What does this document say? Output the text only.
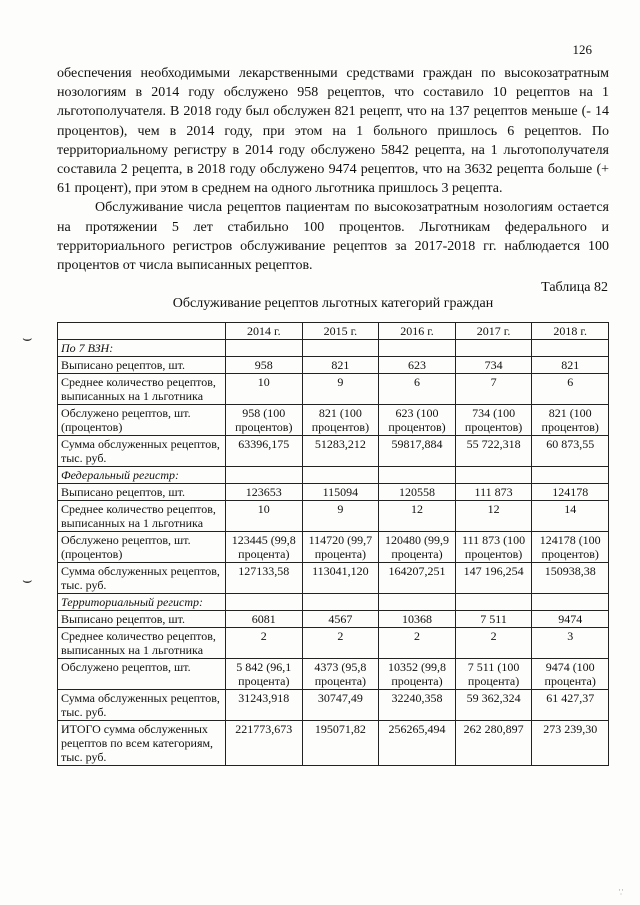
126

обеспечения необходимыми лекарственными средствами граждан по высокозатратным нозологиям в 2014 году обслужено 958 рецептов, что составило 10 рецептов на 1 льготополучателя. В 2018 году был обслужен 821 рецепт, что на 137 рецептов меньше (- 14 процентов), чем в 2014 году, при этом на 1 больного пришлось 6 рецептов. По территориальному регистру в 2014 году обслужено 5842 рецепта, на 1 льготополучателя составила 2 рецепта, в 2018 году обслужено 9474 рецептов, что на 3632 рецепта больше (+ 61 процент), при этом в среднем на одного льготника пришлось 3 рецепта.

Обслуживание числа рецептов пациентам по высокозатратным нозологиям остается на протяжении 5 лет стабильно 100 процентов. Льготникам федерального и территориального регистров обслуживание рецептов за 2017-2018 гг. наблюдается 100 процентов от числа выписанных рецептов.

Таблица 82
Обслуживание рецептов льготных категорий граждан
	2014 г.	2015 г.	2016 г.	2017 г.	2018 г.
По 7 ВЗН:					
Выписано рецептов, шт.	958	821	623	734	821
Среднее количество рецептов, выписанных на 1 льготника	10	9	6	7	6
Обслужено рецептов, шт. (процентов)	958 (100 процентов)	821 (100 процентов)	623 (100 процентов)	734 (100 процентов)	821 (100 процентов)
Сумма обслуженных рецептов, тыс. руб.	63396,175	51283,212	59817,884	55 722,318	60 873,55
Федеральный регистр:					
Выписано рецептов, шт.	123653	115094	120558	111 873	124178
Среднее количество рецептов, выписанных на 1 льготника	10	9	12	12	14
Обслужено рецептов, шт. (процентов)	123445 (99,8 процента)	114720 (99,7 процента)	120480 (99,9 процента)	111 873 (100 процентов)	124178 (100 процентов)
Сумма обслуженных рецептов, тыс. руб.	127133,58	113041,120	164207,251	147 196,254	150938,38
Территориальный регистр:					
Выписано рецептов, шт.	6081	4567	10368	7 511	9474
Среднее количество рецептов, выписанных на 1 льготника	2	2	2	2	3
Обслужено рецептов, шт.	5 842 (96,1 процента)	4373 (95,8 процента)	10352 (99,8 процента)	7 511 (100 процента)	9474 (100 процента)
Сумма обслуженных рецептов, тыс. руб.	31243,918	30747,49	32240,358	59 362,324	61 427,37
ИТОГО сумма обслуженных рецептов по всем категориям, тыс. руб.	221773,673	195071,82	256265,494	262 280,897	273 239,30
⌣
⌣
·̣·
